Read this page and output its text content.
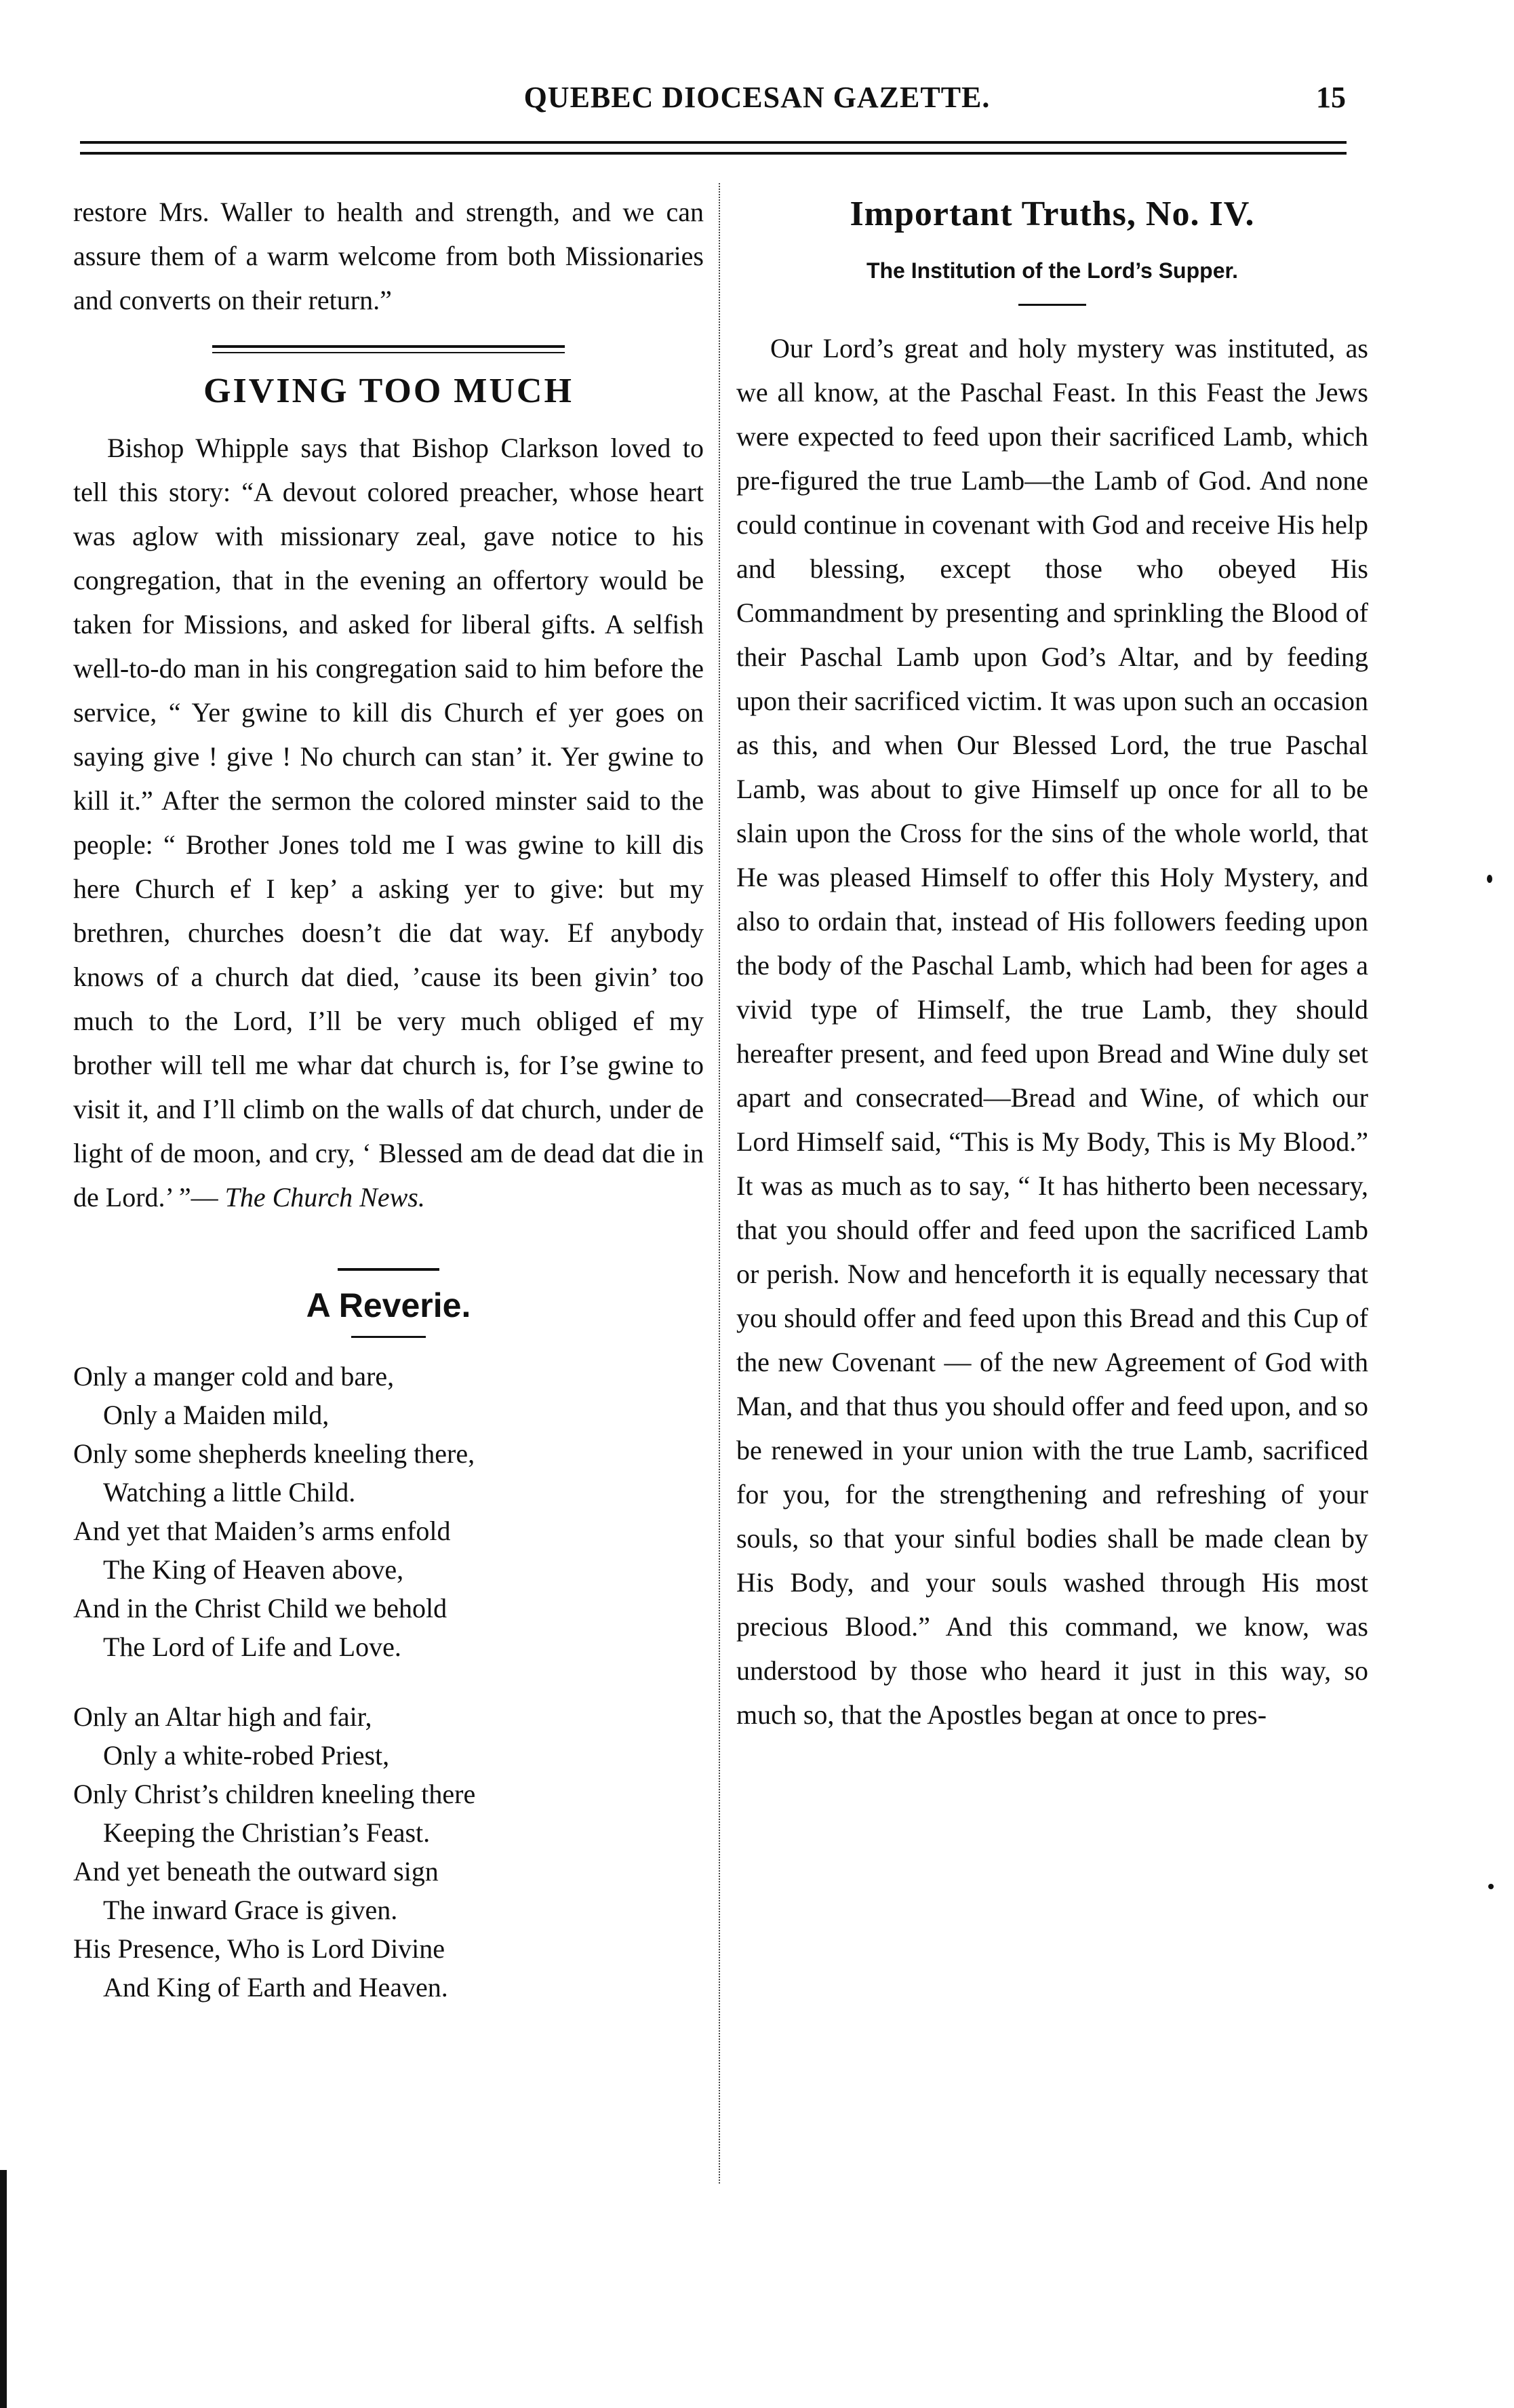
QUEBEC DIOCESAN GAZETTE.	15

restore Mrs. Waller to health and strength, and we can assure them of a warm welcome from both Missionaries and converts on their return.”

GIVING TOO MUCH

Bishop Whipple says that Bishop Clarkson loved to tell this story: “A devout colored preacher, whose heart was aglow with missionary zeal, gave notice to his congregation, that in the evening an offertory would be taken for Missions, and asked for liberal gifts. A selfish well-to-do man in his congregation said to him before the service, “ Yer gwine to kill dis Church ef yer goes on saying give ! give ! No church can stan’ it. Yer gwine to kill it.” After the sermon the colored minster said to the people: “ Brother Jones told me I was gwine to kill dis here Church ef I kep’ a asking yer to give: but my brethren, churches doesn’t die dat way. Ef anybody knows of a church dat died, ’cause its been givin’ too much to the Lord, I’ll be very much obliged ef my brother will tell me whar dat church is, for I’se gwine to visit it, and I’ll climb on the walls of dat church, under de light of de moon, and cry, ‘ Blessed am de dead dat die in de Lord.’ ”— The Church News.

A Reverie.

Only a manger cold and bare,

Only a Maiden mild,

Only some shepherds kneeling there,

Watching a little Child.

And yet that Maiden’s arms enfold

The King of Heaven above,

And in the Christ Child we behold

The Lord of Life and Love.

Only an Altar high and fair,

Only a white-robed Priest,

Only Christ’s children kneeling there

Keeping the Christian’s Feast.

And yet beneath the outward sign

The inward Grace is given.

His Presence, Who is Lord Divine

And King of Earth and Heaven.

Important Truths, No. IV.

The Institution of the Lord’s Supper.

Our Lord’s great and holy mystery was instituted, as we all know, at the Paschal Feast. In this Feast the Jews were expected to feed upon their sacrificed Lamb, which pre-figured the true Lamb—the Lamb of God. And none could continue in covenant with God and receive His help and blessing, except those who obeyed His Commandment by presenting and sprinkling the Blood of their Paschal Lamb upon God’s Altar, and by feeding upon their sacrificed victim. It was upon such an occasion as this, and when Our Blessed Lord, the true Paschal Lamb, was about to give Himself up once for all to be slain upon the Cross for the sins of the whole world, that He was pleased Himself to offer this Holy Mystery, and also to ordain that, instead of His followers feeding upon the body of the Paschal Lamb, which had been for ages a vivid type of Himself, the true Lamb, they should hereafter present, and feed upon Bread and Wine duly set apart and consecrated—Bread and Wine, of which our Lord Himself said, “This is My Body, This is My Blood.” It was as much as to say, “ It has hitherto been necessary, that you should offer and feed upon the sacrificed Lamb or perish. Now and henceforth it is equally necessary that you should offer and feed upon this Bread and this Cup of the new Covenant — of the new Agreement of God with Man, and that thus you should offer and feed upon, and so be renewed in your union with the true Lamb, sacrificed for you, for the strengthening and refreshing of your souls, so that your sinful bodies shall be made clean by His Body, and your souls washed through His most precious Blood.” And this command, we know, was understood by those who heard it just in this way, so much so, that the Apostles began at once to pres-
